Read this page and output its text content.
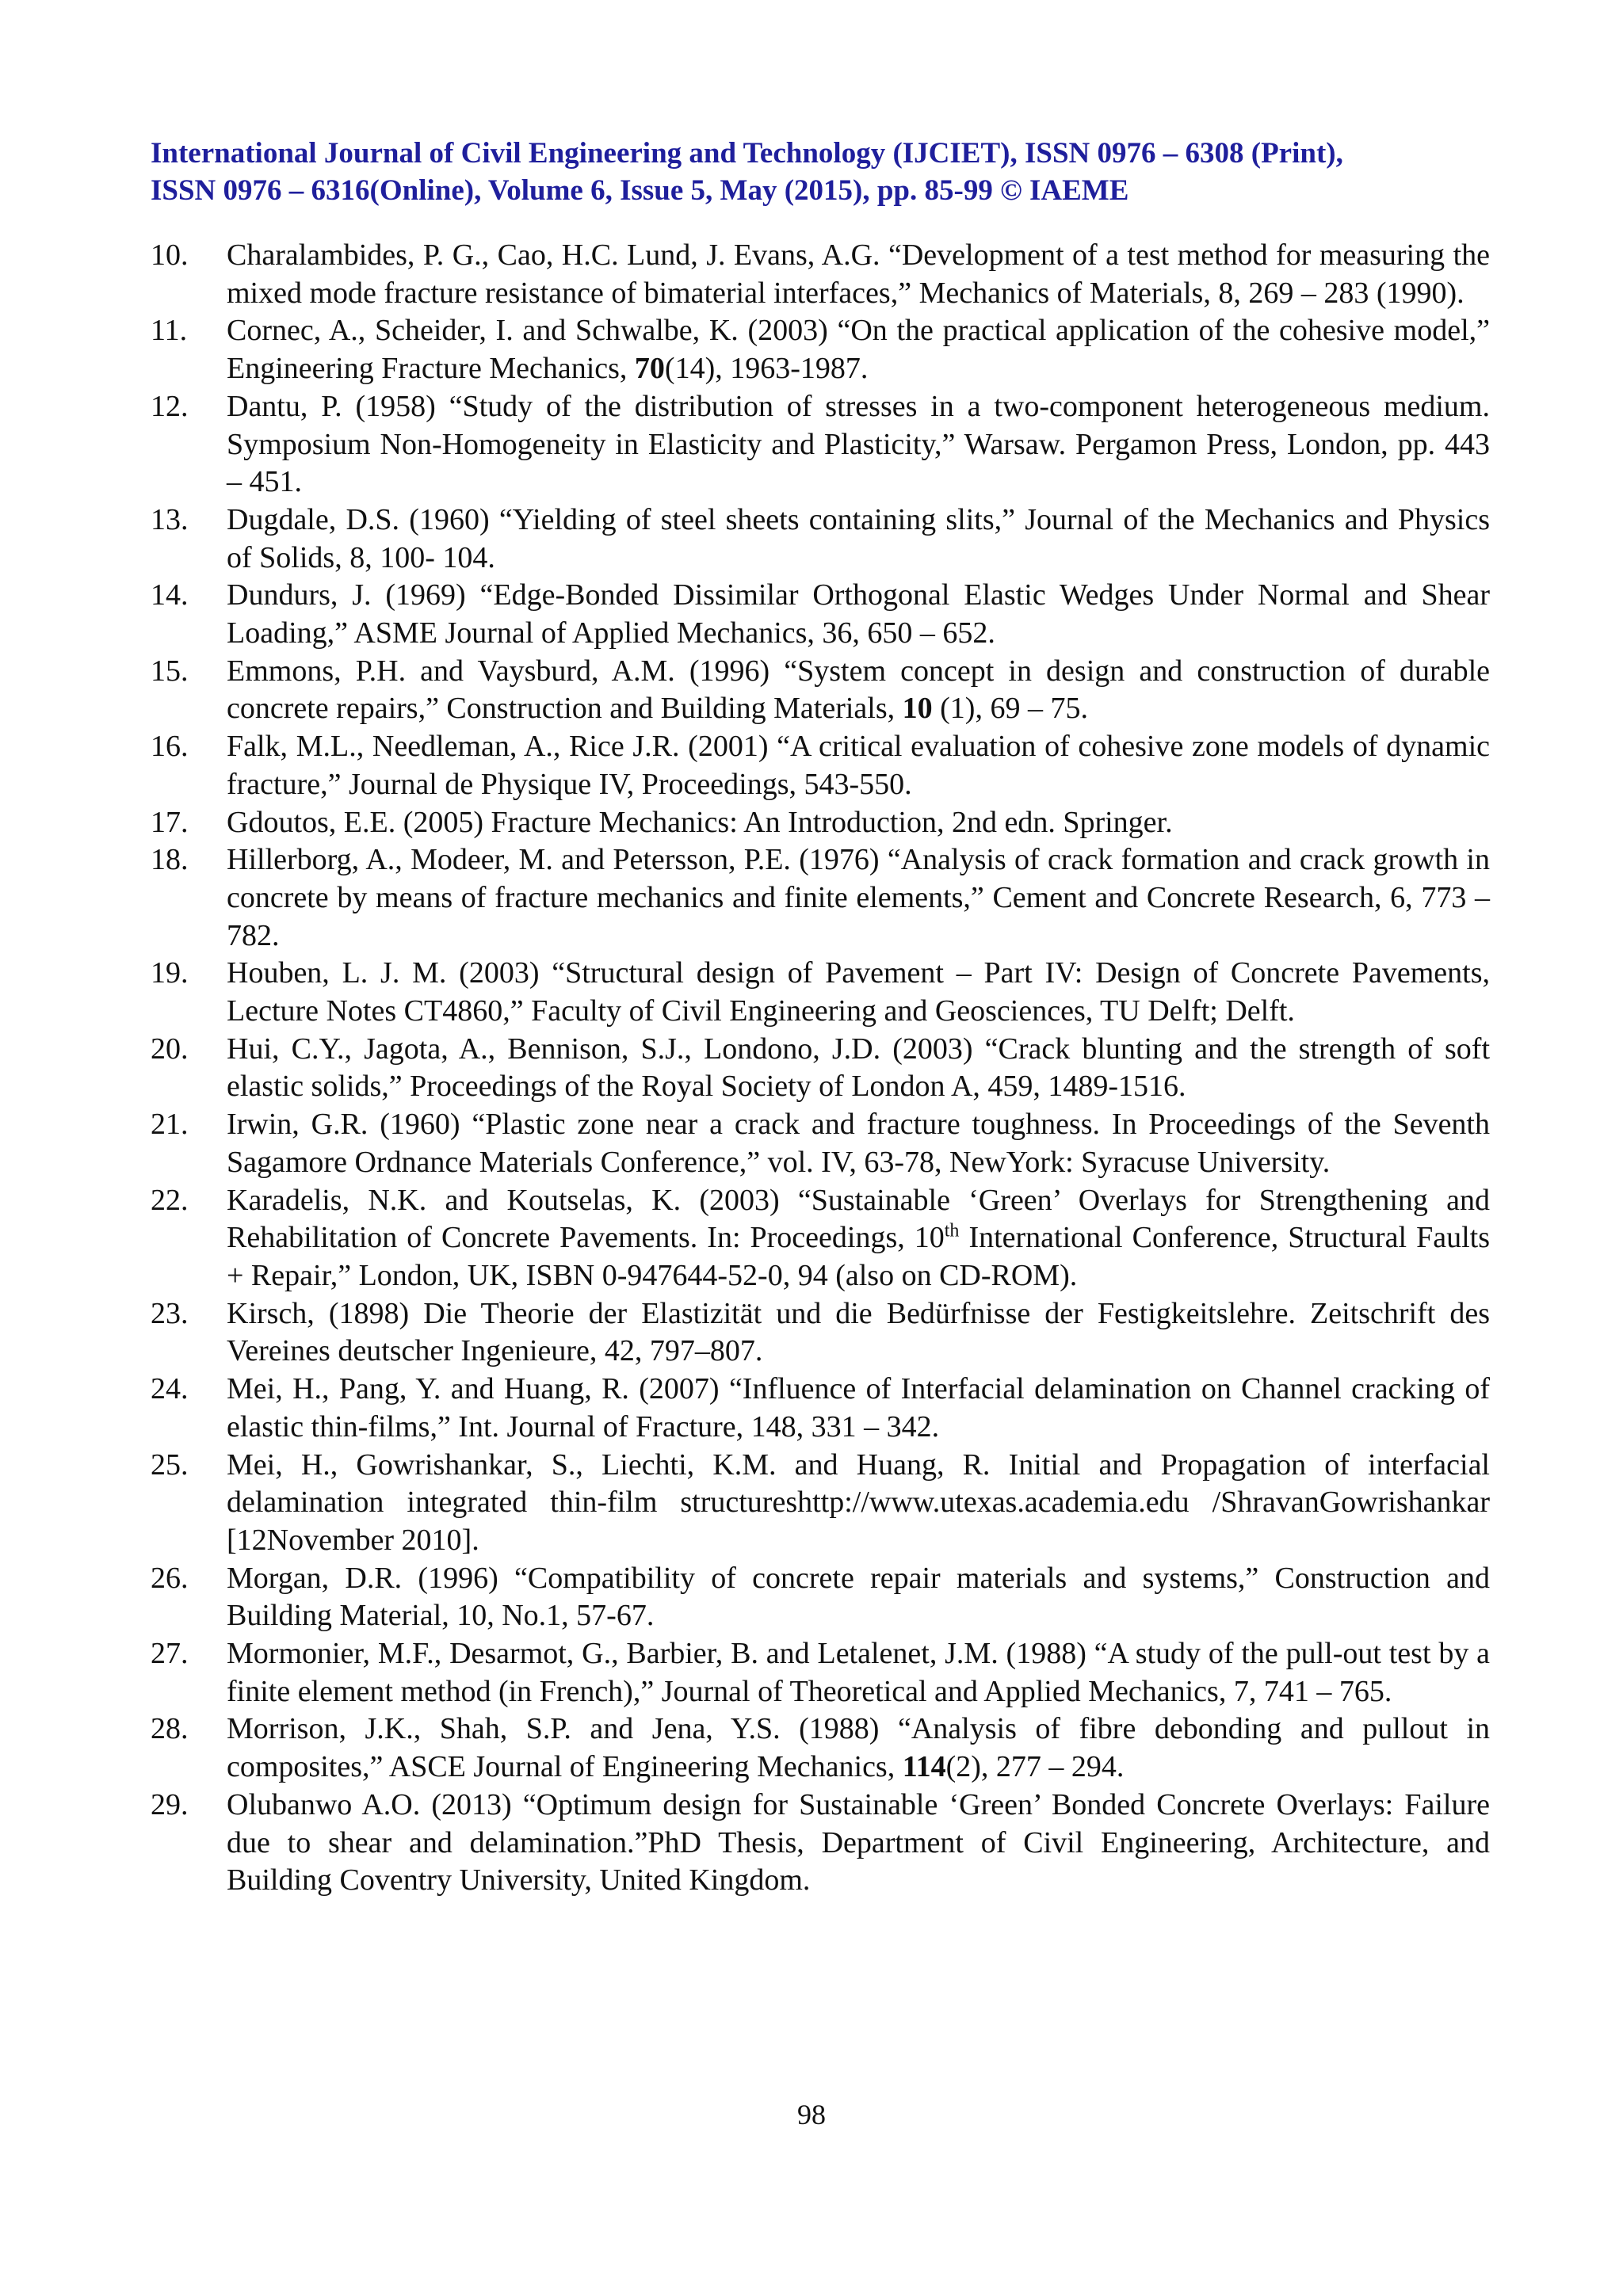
International Journal of Civil Engineering and Technology (IJCIET), ISSN 0976 – 6308 (Print),
ISSN 0976 – 6316(Online), Volume 6, Issue 5, May (2015), pp. 85-99 © IAEME
10.	Charalambides, P. G., Cao, H.C. Lund, J. Evans, A.G. “Development of a test method for measuring the mixed mode fracture resistance of bimaterial interfaces,” Mechanics of Materials, 8, 269 – 283 (1990).
11.	Cornec, A., Scheider, I. and Schwalbe, K. (2003) “On the practical application of the cohesive model,” Engineering Fracture Mechanics, 70(14), 1963-1987.
12.	Dantu, P. (1958) “Study of the distribution of stresses in a two-component heterogeneous medium. Symposium Non-Homogeneity in Elasticity and Plasticity,” Warsaw. Pergamon Press, London, pp. 443 – 451.
13.	Dugdale, D.S. (1960) “Yielding of steel sheets containing slits,” Journal of the Mechanics and Physics of Solids, 8, 100- 104.
14.	Dundurs, J. (1969) “Edge-Bonded Dissimilar Orthogonal Elastic Wedges Under Normal and Shear Loading,” ASME Journal of Applied Mechanics, 36, 650 – 652.
15.	Emmons, P.H. and Vaysburd, A.M. (1996) “System concept in design and construction of durable concrete repairs,” Construction and Building Materials, 10 (1), 69 – 75.
16.	Falk, M.L., Needleman, A., Rice J.R. (2001) “A critical evaluation of cohesive zone models of dynamic fracture,” Journal de Physique IV, Proceedings, 543-550.
17.	Gdoutos, E.E. (2005) Fracture Mechanics: An Introduction, 2nd edn. Springer.
18.	Hillerborg, A., Modeer, M. and Petersson, P.E. (1976) “Analysis of crack formation and crack growth in concrete by means of fracture mechanics and finite elements,” Cement and Concrete Research, 6, 773 – 782.
19.	Houben, L. J. M. (2003) “Structural design of Pavement – Part IV: Design of Concrete Pavements, Lecture Notes CT4860,” Faculty of Civil Engineering and Geosciences, TU Delft; Delft.
20.	Hui, C.Y., Jagota, A., Bennison, S.J., Londono, J.D. (2003) “Crack blunting and the strength of soft elastic solids,” Proceedings of the Royal Society of London A, 459, 1489-1516.
21.	Irwin, G.R. (1960) “Plastic zone near a crack and fracture toughness. In Proceedings of the Seventh Sagamore Ordnance Materials Conference,” vol. IV, 63-78, NewYork: Syracuse University.
22.	Karadelis, N.K. and Koutselas, K. (2003) “Sustainable ‘Green’ Overlays for Strengthening and Rehabilitation of Concrete Pavements. In: Proceedings, 10th International Conference, Structural Faults + Repair,” London, UK, ISBN 0-947644-52-0, 94 (also on CD-ROM).
23.	Kirsch, (1898) Die Theorie der Elastizität und die Bedürfnisse der Festigkeitslehre. Zeitschrift des Vereines deutscher Ingenieure, 42, 797–807.
24.	Mei, H., Pang, Y. and Huang, R. (2007) “Influence of Interfacial delamination on Channel cracking of elastic thin-films,” Int. Journal of Fracture, 148, 331 – 342.
25.	Mei, H., Gowrishankar, S., Liechti, K.M. and Huang, R. Initial and Propagation of interfacial delamination integrated thin-film structureshttp://www.utexas.academia.edu /ShravanGowrishankar [12November 2010].
26.	Morgan, D.R. (1996) “Compatibility of concrete repair materials and systems,” Construction and Building Material, 10, No.1, 57-67.
27.	Mormonier, M.F., Desarmot, G., Barbier, B. and Letalenet, J.M. (1988) “A study of the pull-out test by a finite element method (in French),” Journal of Theoretical and Applied Mechanics, 7, 741 – 765.
28.	Morrison, J.K., Shah, S.P. and Jena, Y.S. (1988) “Analysis of fibre debonding and pullout in composites,” ASCE Journal of Engineering Mechanics, 114(2), 277 – 294.
29.	Olubanwo A.O. (2013) “Optimum design for Sustainable ‘Green’ Bonded Concrete Overlays: Failure due to shear and delamination.”PhD Thesis, Department of Civil Engineering, Architecture, and Building Coventry University, United Kingdom.
98
